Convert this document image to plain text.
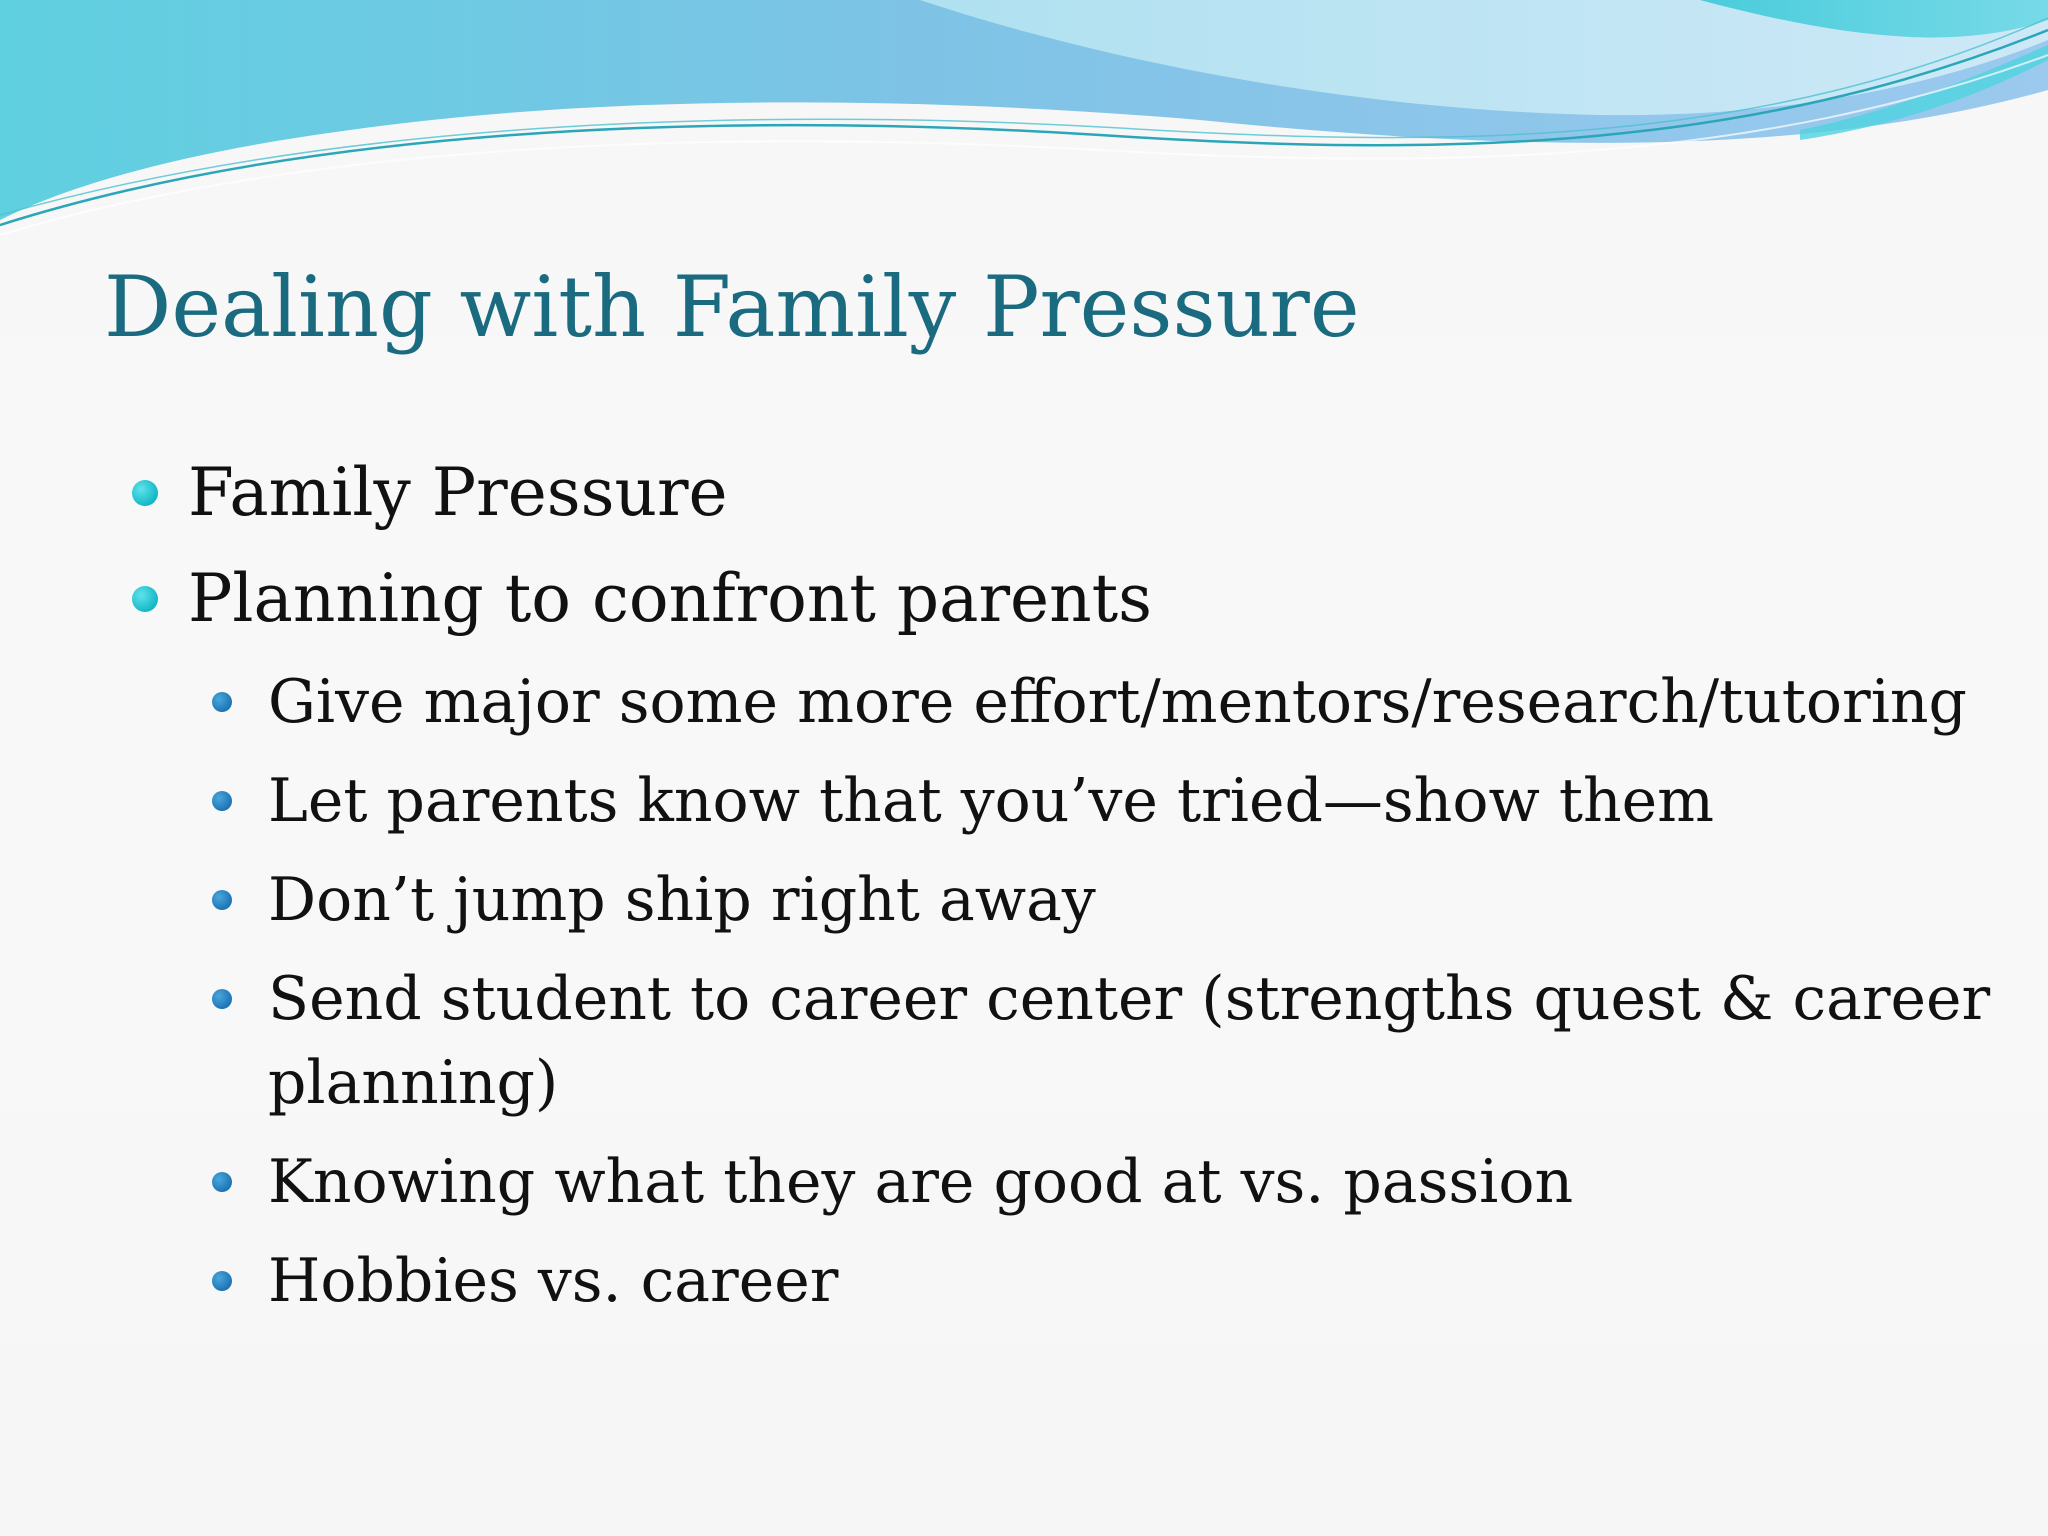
Dealing with Family Pressure
Family Pressure
Planning to confront parents
Give major some more effort/mentors/research/tutoring
Let parents know that you’ve tried—show them
Don’t jump ship right away
Send student to career center (strengths quest & career planning)
Knowing what they are good at vs. passion
Hobbies vs. career
